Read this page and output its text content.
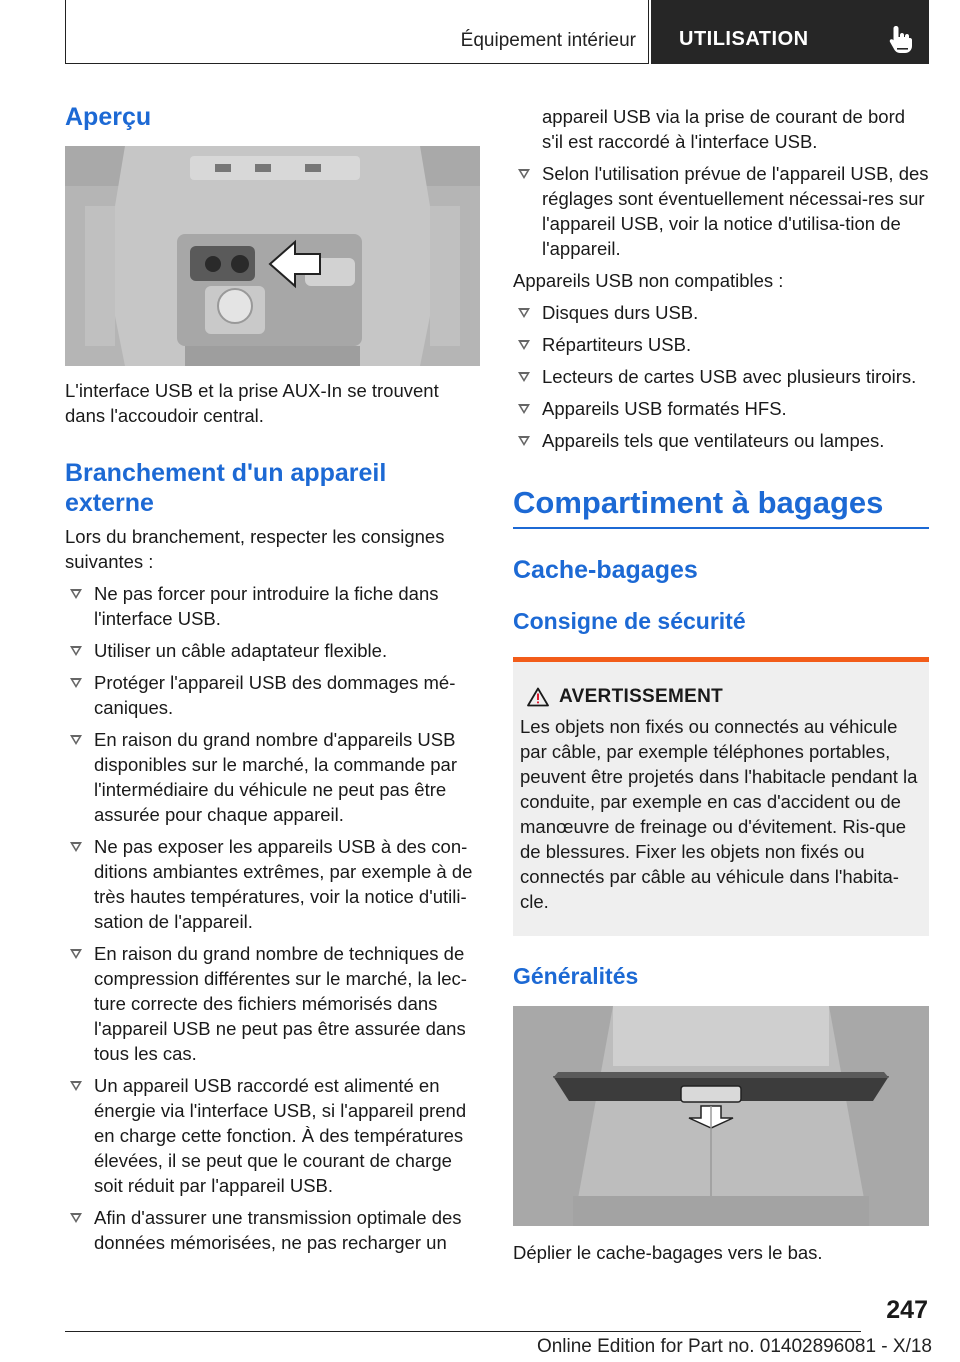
Équipement intérieur UTILISATION
Aperçu

L'interface USB et la prise AUX-In se trouvent dans l'accoudoir central.

Branchement d'un appareil externe

Lors du branchement, respecter les consignes suivantes :

Ne pas forcer pour introduire la fiche dans l'interface USB.
Utiliser un câble adaptateur flexible.
Protéger l'appareil USB des dommages mé-caniques.
En raison du grand nombre d'appareils USB disponibles sur le marché, la commande par l'intermédiaire du véhicule ne peut pas être assurée pour chaque appareil.
Ne pas exposer les appareils USB à des con-ditions ambiantes extrêmes, par exemple à de très hautes températures, voir la notice d'utili-sation de l'appareil.
En raison du grand nombre de techniques de compression différentes sur le marché, la lec-ture correcte des fichiers mémorisés dans l'appareil USB ne peut pas être assurée dans tous les cas.
Un appareil USB raccordé est alimenté en énergie via l'interface USB, si l'appareil prend en charge cette fonction. À des températures élevées, il se peut que le courant de charge soit réduit par l'appareil USB.
Afin d'assurer une transmission optimale des données mémorisées, ne pas recharger un

appareil USB via la prise de courant de bord s'il est raccordé à l'interface USB.

Selon l'utilisation prévue de l'appareil USB, des réglages sont éventuellement nécessai-res sur l'appareil USB, voir la notice d'utilisa-tion de l'appareil.

Appareils USB non compatibles :

Disques durs USB.
Répartiteurs USB.
Lecteurs de cartes USB avec plusieurs tiroirs.
Appareils USB formatés HFS.
Appareils tels que ventilateurs ou lampes.
Compartiment à bagages
Cache-bagages
Consigne de sécurité
AVERTISSEMENT

Les objets non fixés ou connectés au véhicule par câble, par exemple téléphones portables, peuvent être projetés dans l'habitacle pendant la conduite, par exemple en cas d'accident ou de manœuvre de freinage ou d'évitement. Ris-que de blessures. Fixer les objets non fixés ou connectés par câble au véhicule dans l'habita-cle.

Généralités

Déplier le cache-bagages vers le bas.

247
Online Edition for Part no. 01402896081 - X/18
